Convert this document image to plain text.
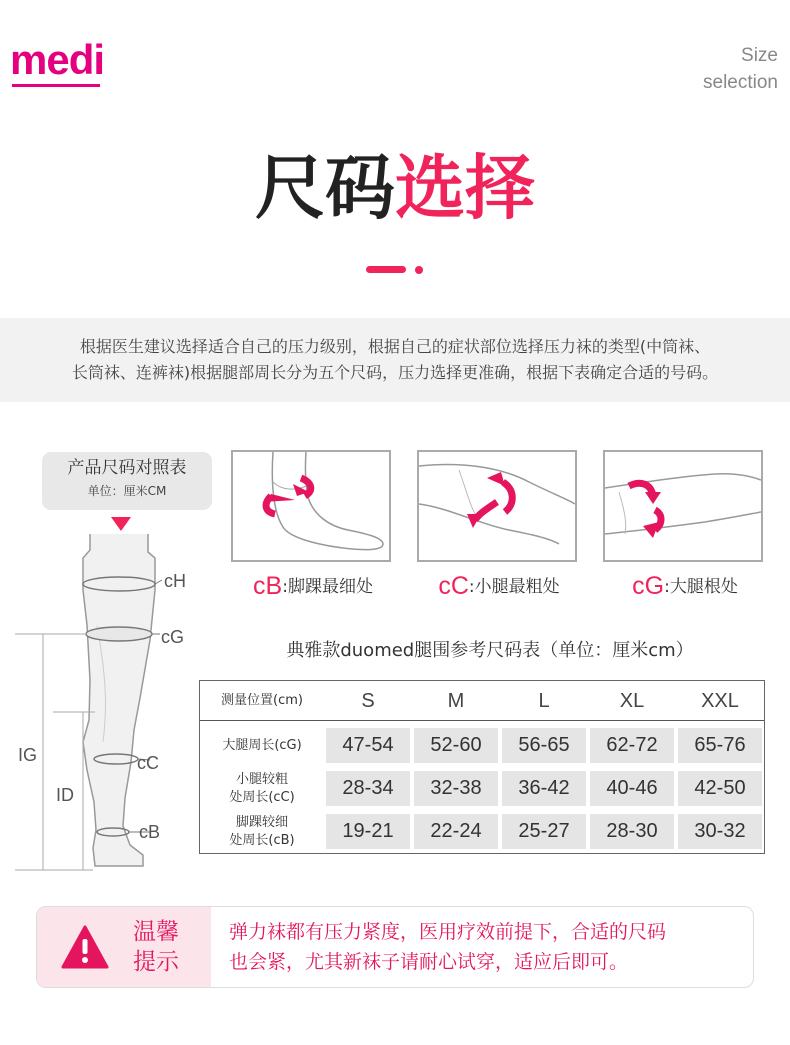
medi	Size
selection
尺码选择
根据医生建议选择适合自己的压力级别，根据自己的症状部位选择压力袜的类型(中筒袜、
长筒袜、连裤袜)根据腿部周长分为五个尺码，压力选择更准确，根据下表确定合适的号码。
产品尺码对照表
单位：厘米CM
cH
cG
cC
cB
IG
ID
cB:脚踝最细处	cC:小腿最粗处	cG:大腿根处
典雅款duomed腿围参考尺码表（单位：厘米cm）
测量位置(cm)	S	M	L	XL	XXL
大腿周长(cG)	47-54	52-60	56-65	62-72	65-76
小腿较粗
处周长(cC)	28-34	32-38	36-42	40-46	42-50
脚踝较细
处周长(cB)	19-21	22-24	25-27	28-30	30-32
温馨
提示
弹力袜都有压力紧度，医用疗效前提下，合适的尺码
也会紧，尤其新袜子请耐心试穿，适应后即可。
